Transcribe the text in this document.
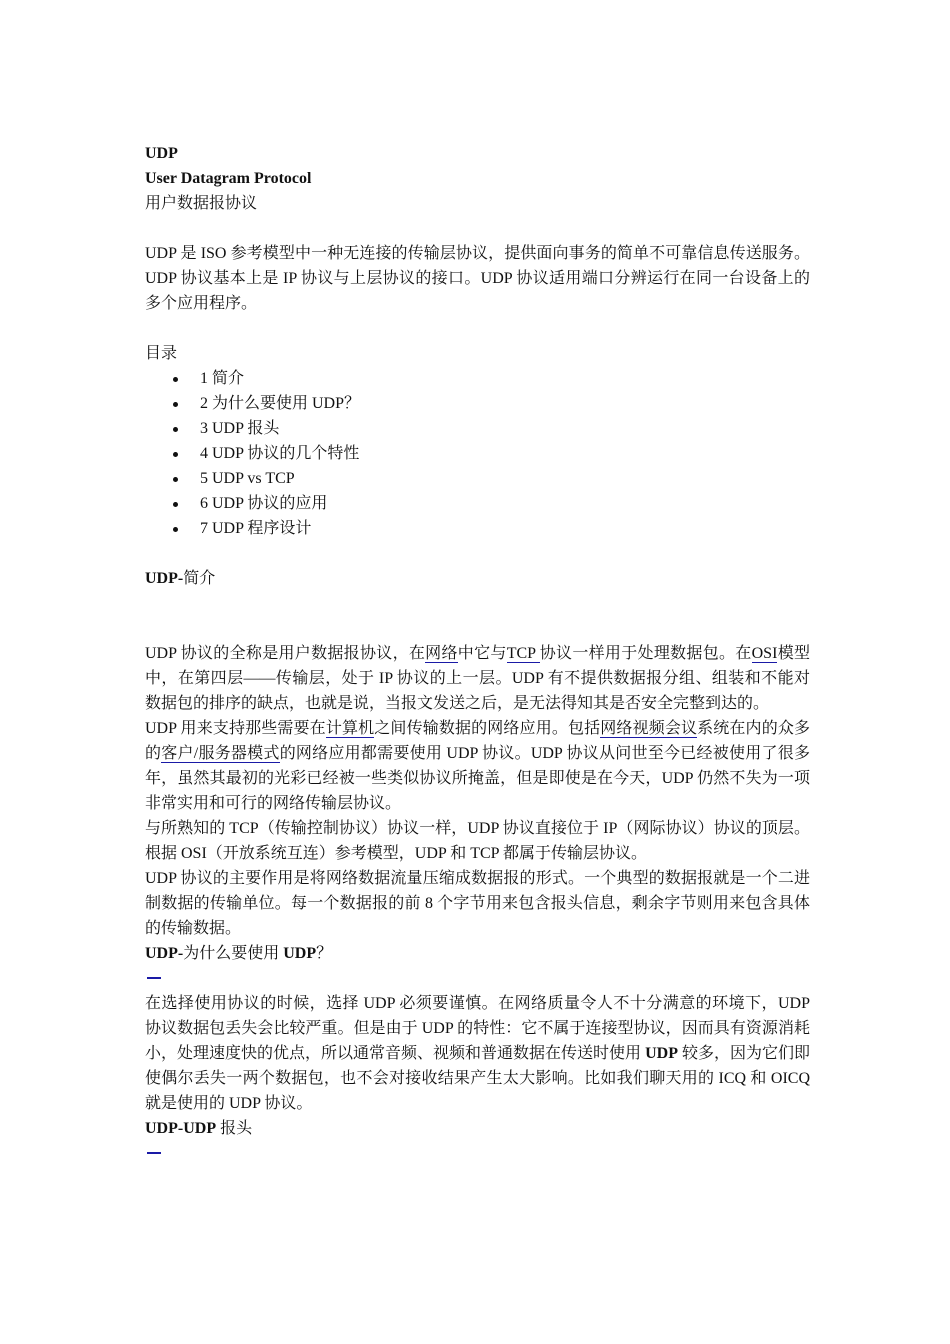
UDP
User Datagram Protocol
用户数据报协议

UDP 是 ISO 参考模型中一种无连接的传输层协议，提供面向事务的简单不可靠信息传送服务。 UDP 协议基本上是 IP 协议与上层协议的接口。UDP 协议适用端口分辨运行在同一台设备上的多个应用程序。

目录
1 简介
2 为什么要使用 UDP？
3 UDP 报头
4 UDP 协议的几个特性
5 UDP vs TCP
6 UDP 协议的应用
7 UDP 程序设计
UDP-简介

UDP 协议的全称是用户数据报协议，在网络中它与TCP 协议一样用于处理数据包。在OSI模型中，在第四层——传输层，处于 IP 协议的上一层。UDP 有不提供数据报分组、组装和不能对数据包的排序的缺点，也就是说，当报文发送之后，是无法得知其是否安全完整到达的。

UDP 用来支持那些需要在计算机之间传输数据的网络应用。包括网络视频会议系统在内的众多的客户/服务器模式的网络应用都需要使用 UDP 协议。UDP 协议从问世至今已经被使用了很多年，虽然其最初的光彩已经被一些类似协议所掩盖，但是即使是在今天，UDP 仍然不失为一项非常实用和可行的网络传输层协议。

与所熟知的 TCP（传输控制协议）协议一样，UDP 协议直接位于 IP（网际协议）协议的顶层。根据 OSI（开放系统互连）参考模型，UDP 和 TCP 都属于传输层协议。

UDP 协议的主要作用是将网络数据流量压缩成数据报的形式。一个典型的数据报就是一个二进制数据的传输单位。每一个数据报的前 8 个字节用来包含报头信息，剩余字节则用来包含具体的传输数据。

UDP-为什么要使用 UDP？

在选择使用协议的时候，选择 UDP 必须要谨慎。在网络质量令人不十分满意的环境下，UDP 协议数据包丢失会比较严重。但是由于 UDP 的特性：它不属于连接型协议，因而具有资源消耗小，处理速度快的优点，所以通常音频、视频和普通数据在传送时使用 UDP 较多，因为它们即使偶尔丢失一两个数据包，也不会对接收结果产生太大影响。比如我们聊天用的 ICQ 和 OICQ 就是使用的 UDP 协议。

UDP-UDP 报头
